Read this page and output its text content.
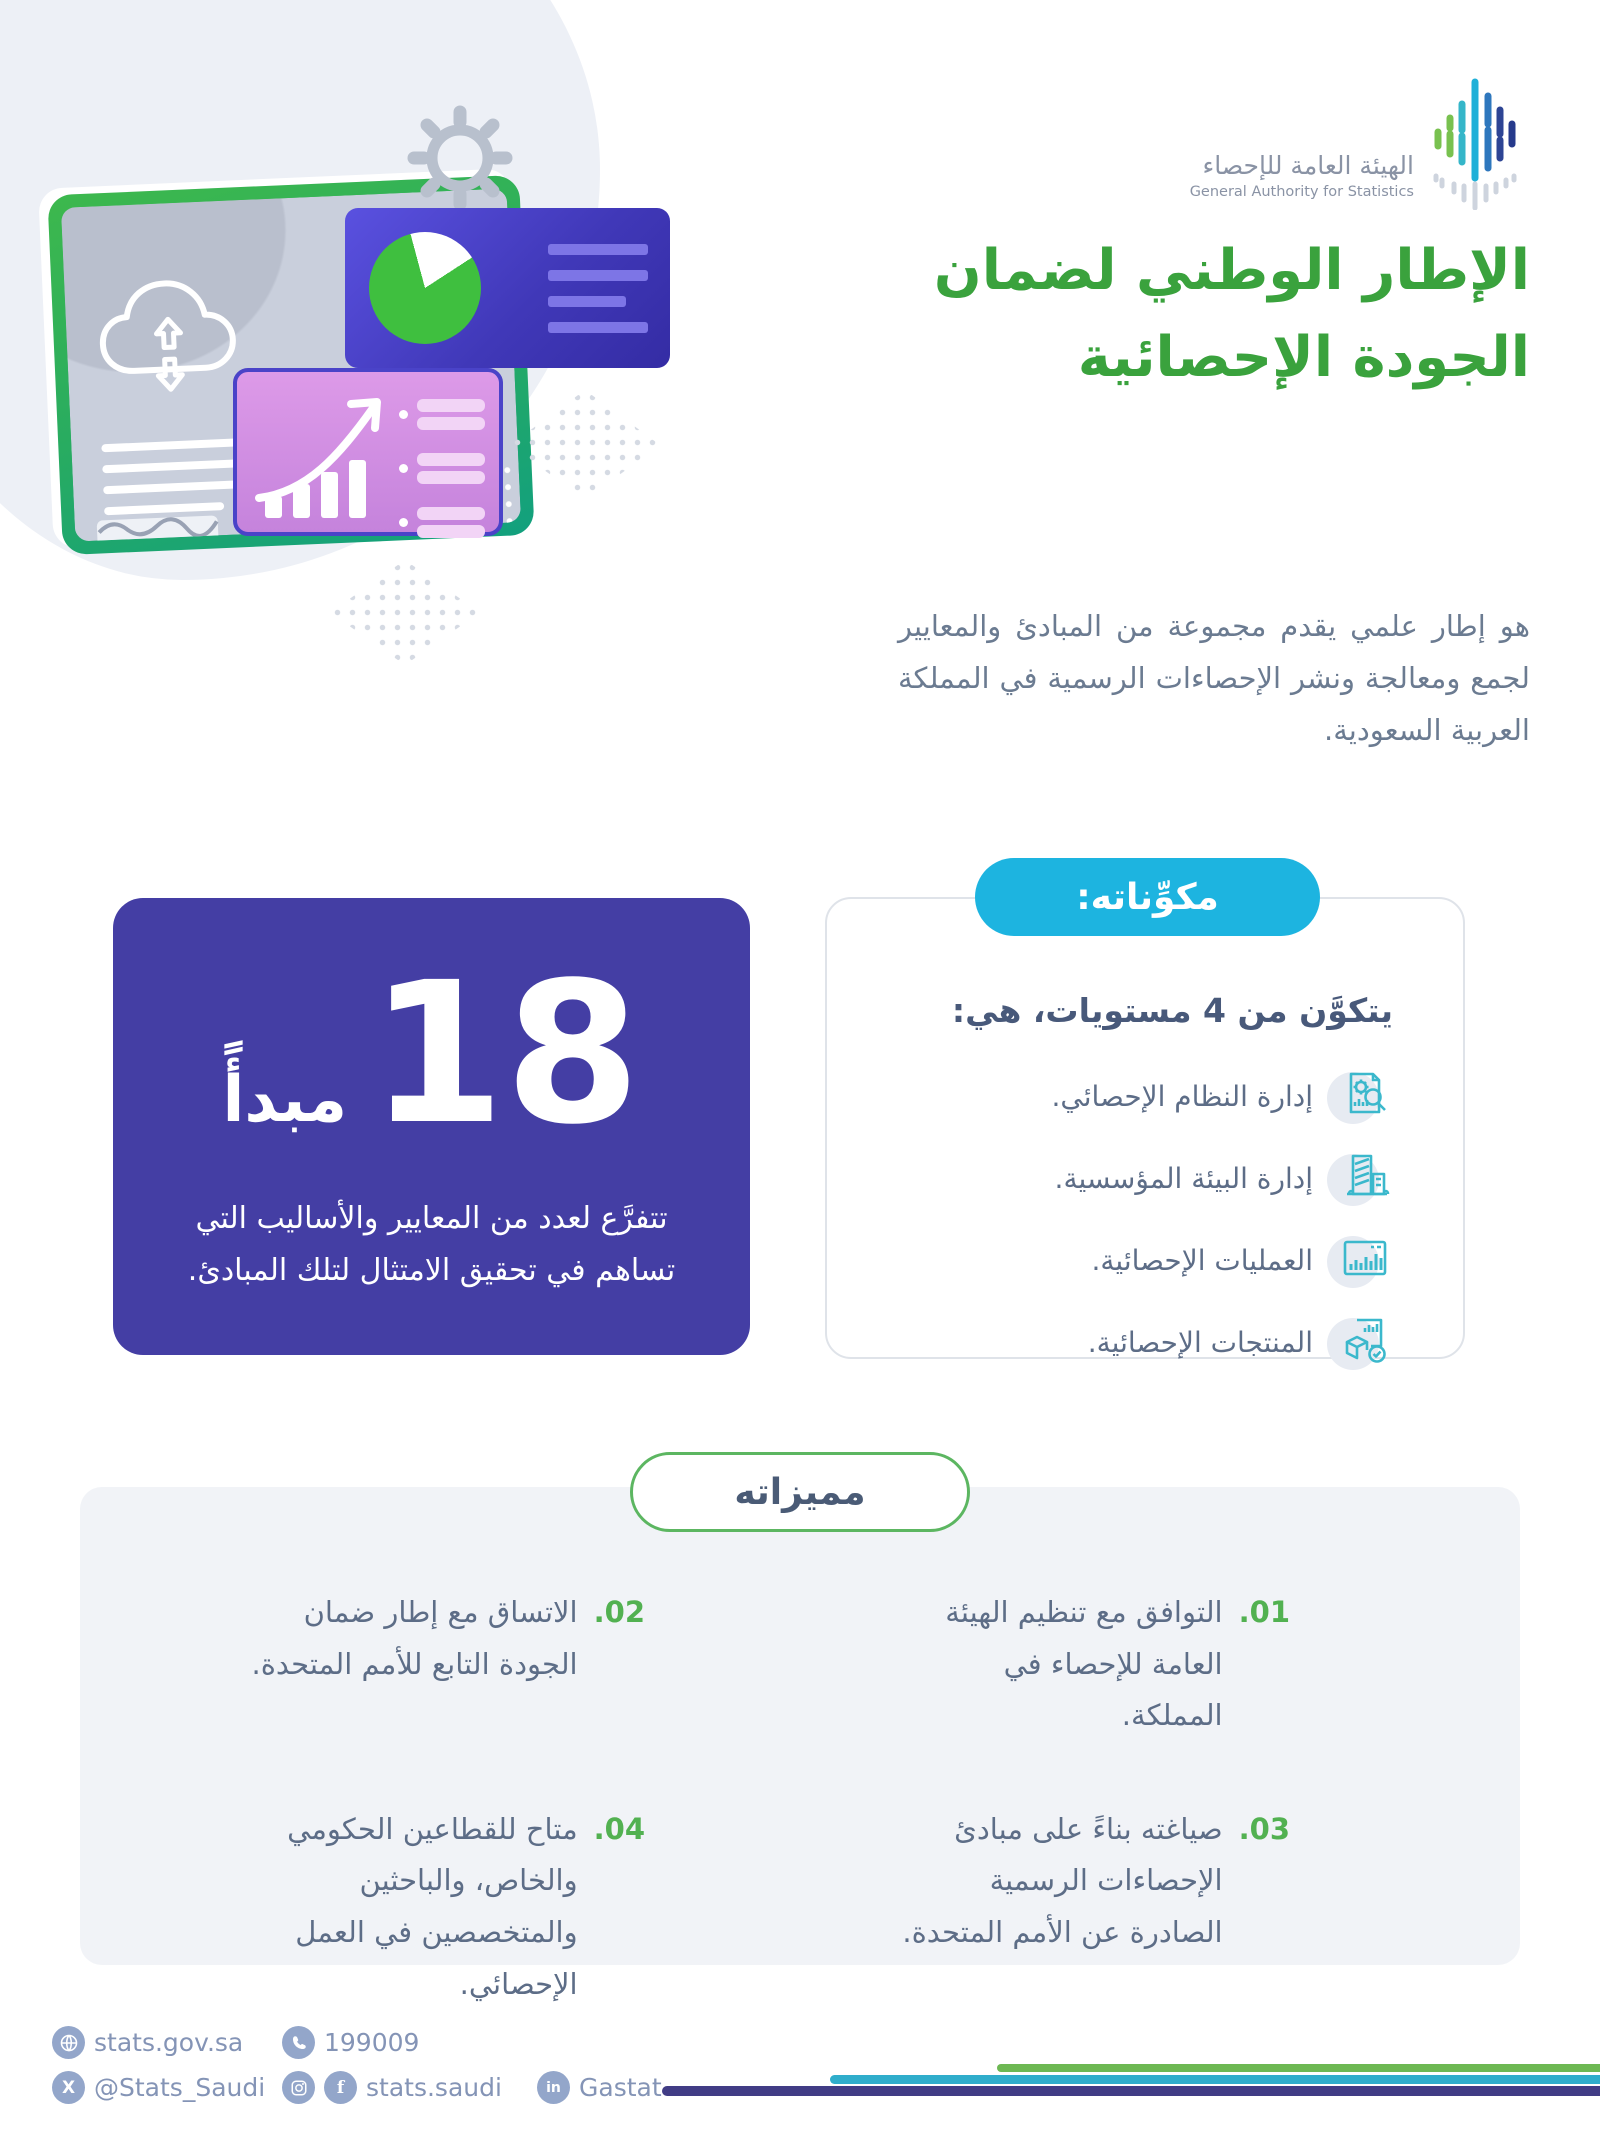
الهيئة العامة للإحصاء
General Authority for Statistics
الإطار الوطني لضمان
الجودة الإحصائية
هو إطار علمي يقدم مجموعة من المبادئ والمعايير لجمع ومعالجة ونشر الإحصاءات الرسمية في المملكة العربية السعودية.
18
مبدأً
تتفرَّع لعدد من المعايير والأساليب التي تساهم في تحقيق الامتثال لتلك المبادئ.
يتكوَّن من 4 مستويات، هي:
إدارة النظام الإحصائي.
إدارة البيئة المؤسسية.
العمليات الإحصائية.
المنتجات الإحصائية.
مكوِّناته:
01.
التوافق مع تنظيم الهيئة العامة للإحصاء في المملكة.
02.
الاتساق مع إطار ضمان الجودة التابع للأمم المتحدة.
03.
صياغته بناءً على مبادئ الإحصاءات الرسمية الصادرة عن الأمم المتحدة.
04.
متاح للقطاعين الحكومي والخاص، والباحثين والمتخصصين في العمل الإحصائي.
مميزاته
stats.gov.sa	199009
X @Stats_Saudi	f stats.saudi	in Gastat
